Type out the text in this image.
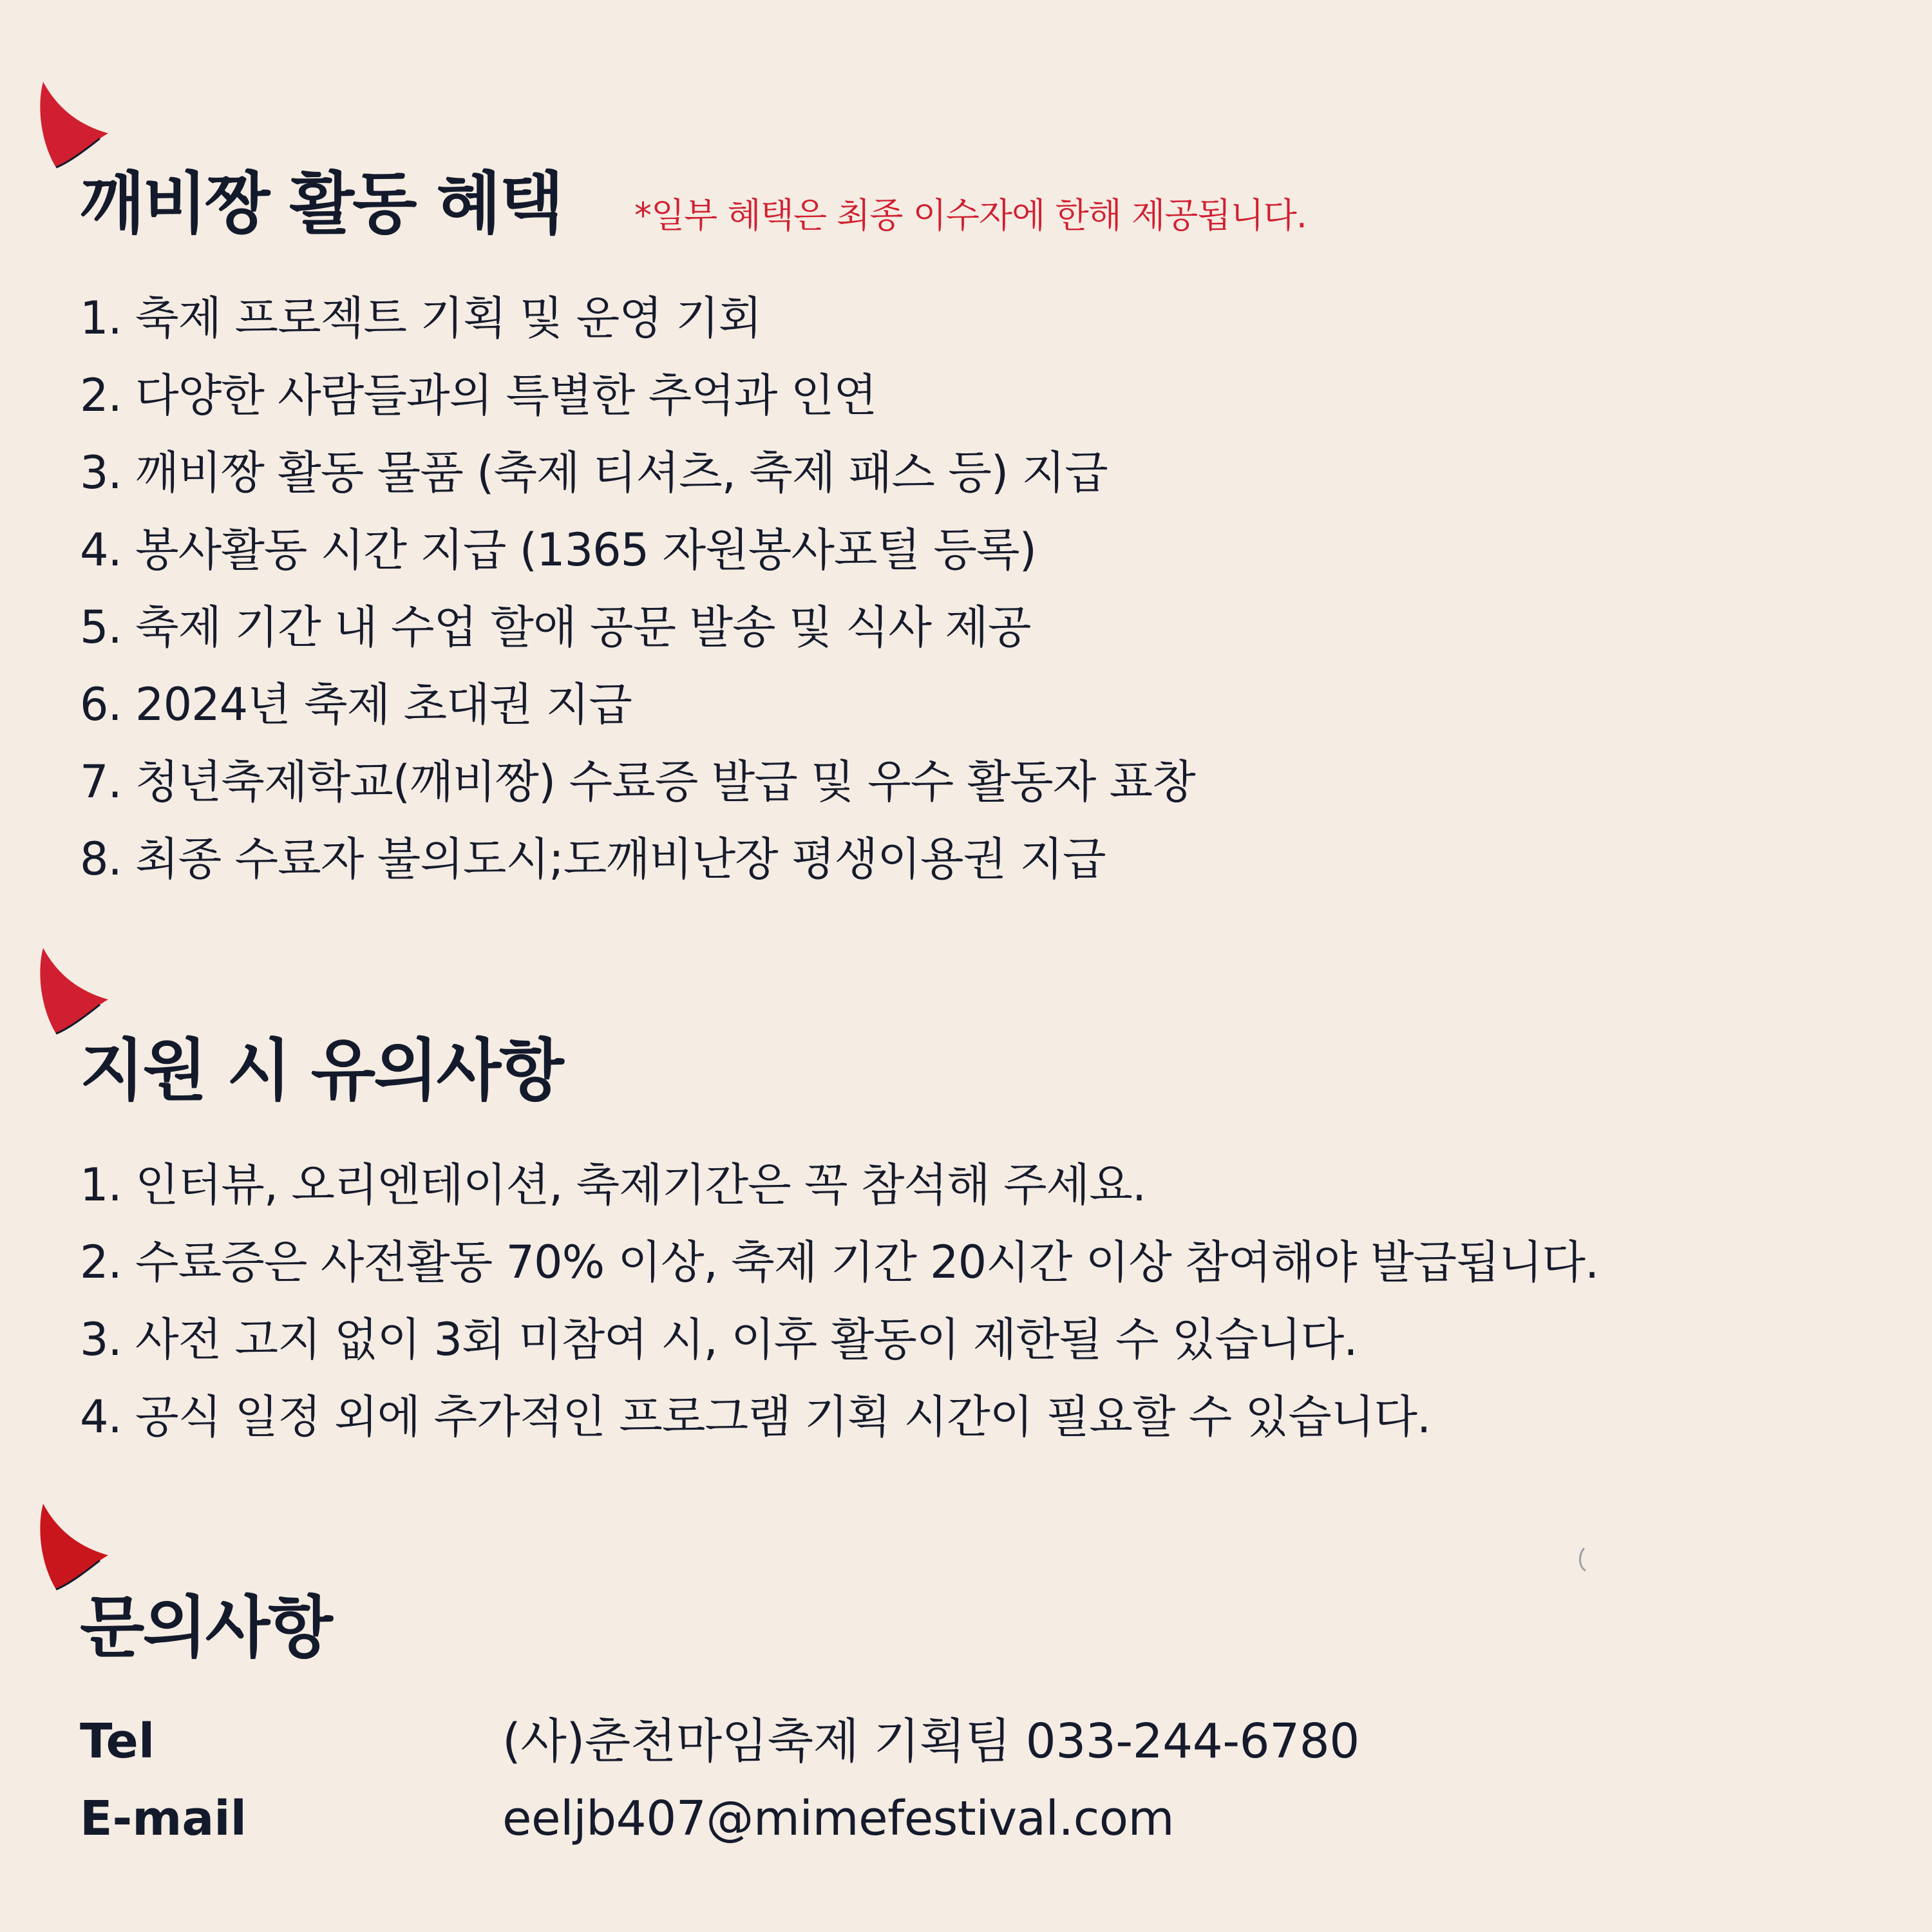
깨비짱 활동 혜택 *일부 혜택은 최종 이수자에 한해 제공됩니다.
1. 축제 프로젝트 기획 및 운영 기회
2. 다양한 사람들과의 특별한 추억과 인연
3. 깨비짱 활동 물품 (축제 티셔츠, 축제 패스 등) 지급
4. 봉사활동 시간 지급 (1365 자원봉사포털 등록)
5. 축제 기간 내 수업 할애 공문 발송 및 식사 제공
6. 2024년 축제 초대권 지급
7. 청년축제학교(깨비짱) 수료증 발급 및 우수 활동자 표창
8. 최종 수료자 불의도시;도깨비난장 평생이용권 지급
지원 시 유의사항
1. 인터뷰, 오리엔테이션, 축제기간은 꼭 참석해 주세요.
2. 수료증은 사전활동 70% 이상, 축제 기간 20시간 이상 참여해야 발급됩니다.
3. 사전 고지 없이 3회 미참여 시, 이후 활동이 제한될 수 있습니다.
4. 공식 일정 외에 추가적인 프로그램 기획 시간이 필요할 수 있습니다.
문의사항
Tel	(사)춘천마임축제 기획팀 033-244-6780
E-mail	eeljb407@mimefestival.com
